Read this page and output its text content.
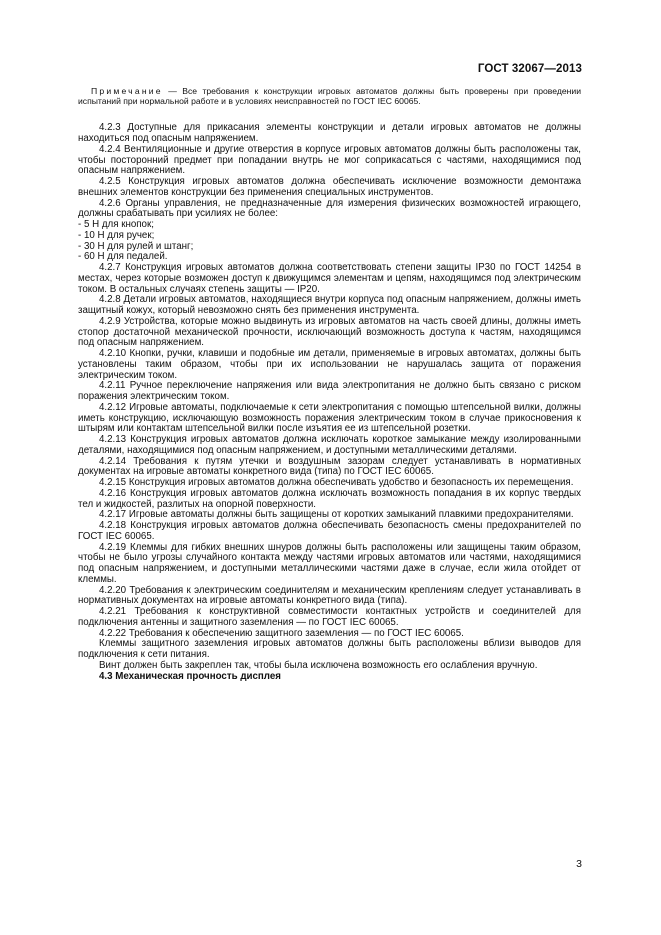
ГОСТ 32067—2013

Примечание — Все требования к конструкции игровых автоматов должны быть проверены при проведении испытаний при нормальной работе и в условиях неисправностей по ГОСТ IEC 60065.

4.2.3 Доступные для прикасания элементы конструкции и детали игровых автоматов не должны находиться под опасным напряжением.

4.2.4 Вентиляционные и другие отверстия в корпусе игровых автоматов должны быть расположены так, чтобы посторонний предмет при попадании внутрь не мог соприкасаться с частями, находящимися под опасным напряжением.

4.2.5 Конструкция игровых автоматов должна обеспечивать исключение возможности демонтажа внешних элементов конструкции без применения специальных инструментов.

4.2.6 Органы управления, не предназначенные для измерения физических возможностей играющего, должны срабатывать при усилиях не более:

- 5 Н для кнопок;

- 10 Н для ручек;

- 30 Н для рулей и штанг;

- 60 Н для педалей.

4.2.7 Конструкция игровых автоматов должна соответствовать степени защиты IP30 по ГОСТ 14254 в местах, через которые возможен доступ к движущимся элементам и цепям, находящимся под электрическим током. В остальных случаях степень защиты — IP20.

4.2.8 Детали игровых автоматов, находящиеся внутри корпуса под опасным напряжением, должны иметь защитный кожух, который невозможно снять без применения инструмента.

4.2.9 Устройства, которые можно выдвинуть из игровых автоматов на часть своей длины, должны иметь стопор достаточной механической прочности, исключающий возможность доступа к частям, находящимся под опасным напряжением.

4.2.10 Кнопки, ручки, клавиши и подобные им детали, применяемые в игровых автоматах, должны быть установлены таким образом, чтобы при их использовании не нарушалась защита от поражения электрическим током.

4.2.11 Ручное переключение напряжения или вида электропитания не должно быть связано с риском поражения электрическим током.

4.2.12 Игровые автоматы, подключаемые к сети электропитания с помощью штепсельной вилки, должны иметь конструкцию, исключающую возможность поражения электрическим током в случае прикосновения к штырям или контактам штепсельной вилки после изъятия ее из штепсельной розетки.

4.2.13 Конструкция игровых автоматов должна исключать короткое замыкание между изолированными деталями, находящимися под опасным напряжением, и доступными металлическими деталями.

4.2.14 Требования к путям утечки и воздушным зазорам следует устанавливать в нормативных документах на игровые автоматы конкретного вида (типа) по ГОСТ IEC 60065.

4.2.15 Конструкция игровых автоматов должна обеспечивать удобство и безопасность их перемещения.

4.2.16 Конструкция игровых автоматов должна исключать возможность попадания в их корпус твердых тел и жидкостей, разлитых на опорной поверхности.

4.2.17 Игровые автоматы должны быть защищены от коротких замыканий плавкими предохранителями.

4.2.18 Конструкция игровых автоматов должна обеспечивать безопасность смены предохранителей по ГОСТ IEC 60065.

4.2.19 Клеммы для гибких внешних шнуров должны быть расположены или защищены таким образом, чтобы не было угрозы случайного контакта между частями игровых автоматов или частями, находящимися под опасным напряжением, и доступными металлическими частями даже в случае, если жила отойдет от клеммы.

4.2.20 Требования к электрическим соединителям и механическим креплениям следует устанавливать в нормативных документах на игровые автоматы конкретного вида (типа).

4.2.21 Требования к конструктивной совместимости контактных устройств и соединителей для подключения антенны и защитного заземления — по ГОСТ IEC 60065.

4.2.22 Требования к обеспечению защитного заземления — по ГОСТ IEC 60065.

Клеммы защитного заземления игровых автоматов должны быть расположены вблизи выводов для подключения к сети питания.

Винт должен быть закреплен так, чтобы была исключена возможность его ослабления вручную.

4.3 Механическая прочность дисплея

3
